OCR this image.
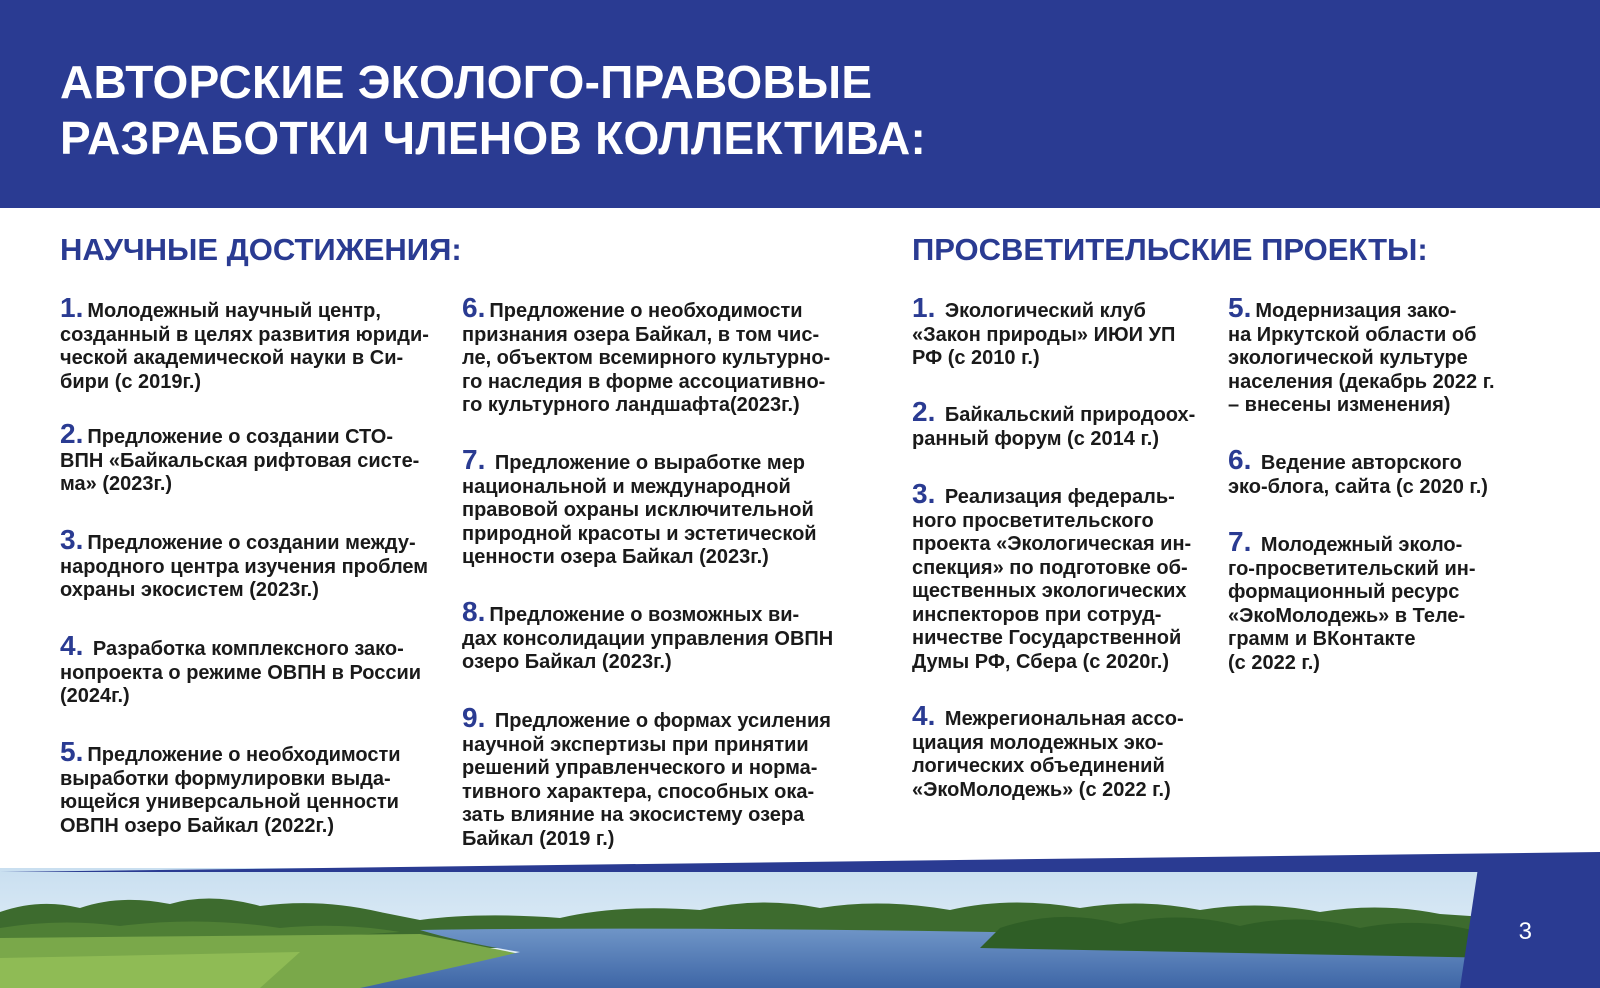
АВТОРСКИЕ ЭКОЛОГО-ПРАВОВЫЕ
РАЗРАБОТКИ ЧЛЕНОВ КОЛЛЕКТИВА:
НАУЧНЫЕ ДОСТИЖЕНИЯ:	ПРОСВЕТИТЕЛЬСКИЕ ПРОЕКТЫ:
1. Молодежный научный центр,
созданный в целях развития юриди-
ческой академической науки в Си-
бири (с 2019г.)
2. Предложение о создании СТО-
ВПН «Байкальская рифтовая систе-
ма» (2023г.)
3. Предложение о создании между-
народного центра изучения проблем
охраны экосистем (2023г.)
4. Разработка комплексного зако-
нопроекта о режиме ОВПН в России
(2024г.)
5. Предложение о необходимости
выработки формулировки выда-
ющейся универсальной ценности
ОВПН озеро Байкал (2022г.)
6. Предложение о необходимости
признания озера Байкал, в том чис-
ле, объектом всемирного культурно-
го наследия в форме ассоциативно-
го культурного ландшафта(2023г.)
7. Предложение о выработке мер
национальной и международной
правовой охраны исключительной
природной красоты и эстетической
ценности озера Байкал (2023г.)
8. Предложение о возможных ви-
дах консолидации управления ОВПН
озеро Байкал (2023г.)
9. Предложение о формах усиления
научной экспертизы при принятии
решений управленческого и норма-
тивного характера, способных ока-
зать влияние на экосистему озера
Байкал (2019 г.)
1. Экологический клуб
«Закон природы» ИЮИ УП
РФ (с 2010 г.)
2. Байкальский природоох-
ранный форум (с 2014 г.)
3. Реализация федераль-
ного просветительского
проекта «Экологическая ин-
спекция» по подготовке об-
щественных экологических
инспекторов при сотруд-
ничестве Государственной
Думы РФ, Сбера (с 2020г.)
4. Межрегиональная ассо-
циация молодежных эко-
логических объединений
«ЭкоМолодежь» (с 2022 г.)
5. Модернизация зако-
на Иркутской области об
экологической культуре
населения (декабрь 2022 г.
– внесены изменения)
6. Ведение авторского
эко-блога, сайта (с 2020 г.)
7. Молодежный эколо-
го-просветительский ин-
формационный ресурс
«ЭкоМолодежь» в Теле-
грамм и ВКонтакте
(с 2022 г.)
3
